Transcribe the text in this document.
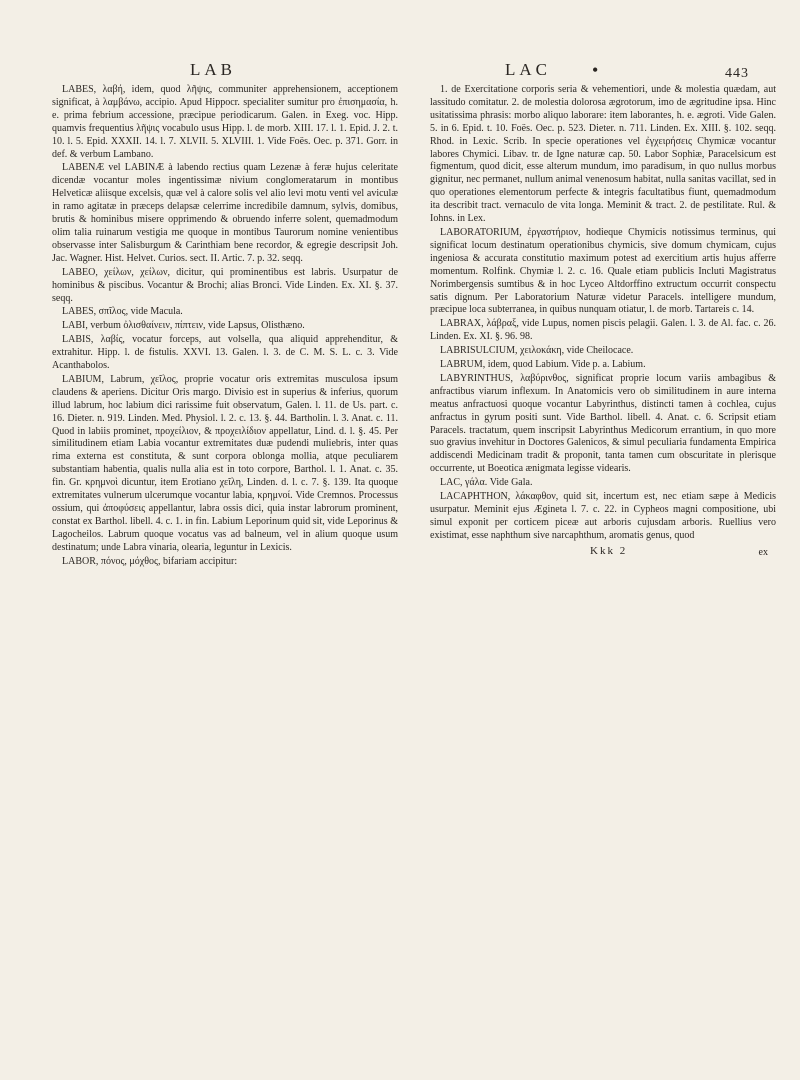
LAB	LAC •	443

LABES, λαβή, idem, quod λῆψις, communiter apprehensionem, acceptionem significat, à λαμβάνω, accipio. Apud Hippocr. specialiter sumitur pro ἐπισημασία, h. e. prima febrium accessione, præcipue periodicarum. Galen. in Exeg. voc. Hipp. quamvis frequentius λῆψις vocabulo usus Hipp. l. de morb. XIII. 17. l. 1. Epid. J. 2. t. 10. l. 5. Epid. XXXII. 14. l. 7. XLVII. 5. XLVIII. 1. Vide Foës. Oec. p. 371. Gorr. in def. & verbum Lambano.

LABENÆ vel LABINÆ à labendo rectius quam Lezenæ à feræ hujus celeritate dicendæ vocantur moles ingentissimæ nivium conglomeratarum in montibus Helveticæ aliisque excelsis, quæ vel à calore solis vel alio levi motu venti vel aviculæ in ramo agitatæ in præceps delapsæ celerrime incredibile damnum, sylvis, domibus, brutis & hominibus misere opprimendo & obruendo inferre solent, quemadmodum olim talia ruinarum vestigia me quoque in montibus Taurorum nomine venientibus observasse inter Salisburgum & Carinthiam bene recordor, & egregie descripsit Joh. Jac. Wagner. Hist. Helvet. Curios. sect. II. Artic. 7. p. 32. seqq.

LABEO, χείλων, χείλων, dicitur, qui prominentibus est labris. Usurpatur de hominibus & piscibus. Vocantur & Brochi; alias Bronci. Vide Linden. Ex. XI. §. 37. seqq.

LABES, σπῖλος, vide Macula.

LABI, verbum ὀλισθαίνειν, πίπτειν, vide Lapsus, Olisthæno.

LABIS, λαβίς, vocatur forceps, aut volsella, qua aliquid apprehenditur, & extrahitur. Hipp. l. de fistulis. XXVI. 13. Galen. l. 3. de C. M. S. L. c. 3. Vide Acanthabolos.

LABIUM, Labrum, χεῖλος, proprie vocatur oris extremitas musculosa ipsum claudens & aperiens. Dicitur Oris margo. Divisio est in superius & inferius, quorum illud labrum, hoc labium dici rarissime fuit observatum, Galen. l. 11. de Us. part. c. 16. Dieter. n. 919. Linden. Med. Physiol. l. 2. c. 13. §. 44. Bartholin. l. 3. Anat. c. 11. Quod in labiis prominet, προχείλιον, & προχειλίδιον appellatur, Lind. d. l. §. 45. Per similitudinem etiam Labia vocantur extremitates duæ pudendi muliebris, inter quas rima externa est constituta, & sunt corpora oblonga mollia, atque peculiarem substantiam habentia, qualis nulla alia est in toto corpore, Barthol. l. 1. Anat. c. 35. fin. Gr. κρημνοὶ dicuntur, item Erotiano χεῖλη, Linden. d. l. c. 7. §. 139. Ita quoque extremitates vulnerum ulcerumque vocantur labia, κρημνοί. Vide Cremnos. Processus ossium, qui ἀποφύσεις appellantur, labra ossis dici, quia instar labrorum prominent, constat ex Barthol. libell. 4. c. 1. in fin. Labium Leporinum quid sit, vide Leporinus & Lagocheilos. Labrum quoque vocatus vas ad balneum, vel in alium quoque usum destinatum; unde Labra vinaria, olearia, leguntur in Lexicis.

LABOR, πόνος, μόχθος, bifariam accipitur:

1. de Exercitatione corporis seria & vehementiori, unde & molestia quædam, aut lassitudo comitatur. 2. de molestia dolorosa ægrotorum, imo de ægritudine ipsa. Hinc usitatissima phrasis: morbo aliquo laborare: item laborantes, h. e. ægroti. Vide Galen. 5. in 6. Epid. t. 10. Foës. Oec. p. 523. Dieter. n. 711. Linden. Ex. XIII. §. 102. seqq. Rhod. in Lexic. Scrib. In specie operationes vel ἐγχειρήσεις Chymicæ vocantur labores Chymici. Libav. tr. de Igne naturæ cap. 50. Labor Sophiæ, Paracelsicum est figmentum, quod dicit, esse alterum mundum, imo paradisum, in quo nullus morbus gignitur, nec permanet, nullum animal venenosum habitat, nulla sanitas vacillat, sed in quo operationes elementorum perfecte & integris facultatibus fiunt, quemadmodum ita describit tract. vernaculo de vita longa. Meminit & tract. 2. de pestilitate. Rul. & Iohns. in Lex.

LABORATORIUM, ἐργαστήριον, hodieque Chymicis notissimus terminus, qui significat locum destinatum operationibus chymicis, sive domum chymicam, cujus ingeniosa & accurata constitutio maximum potest ad exercitium artis hujus afferre momentum. Rolfink. Chymiæ l. 2. c. 16. Quale etiam publicis Incluti Magistratus Norimbergensis sumtibus & in hoc Lyceo Altdorffino extructum occurrit conspectu satis dignum. Per Laboratorium Naturæ videtur Paracels. intelligere mundum, præcipue loca subterranea, in quibus nunquam otiatur, l. de morb. Tartareis c. 14.

LABRAX, λάβραξ, vide Lupus, nomen piscis pelagii. Galen. l. 3. de Al. fac. c. 26. Linden. Ex. XI. §. 96. 98.

LABRISULCIUM, χειλοκάκη, vide Cheilocace.

LABRUM, idem, quod Labium. Vide p. a. Labium.

LABYRINTHUS, λαβύρινθος, significat proprie locum variis ambagibus & anfractibus viarum inflexum. In Anatomicis vero ob similitudinem in aure interna meatus anfractuosi quoque vocantur Labyrinthus, distincti tamen à cochlea, cujus anfractus in gyrum positi sunt. Vide Barthol. libell. 4. Anat. c. 6. Scripsit etiam Paracels. tractatum, quem inscripsit Labyrinthus Medicorum errantium, in quo more suo gravius invehitur in Doctores Galenicos, & simul peculiaria fundamenta Empirica addiscendi Medicinam tradit & proponit, tanta tamen cum obscuritate in plerisque occurrente, ut Boeotica ænigmata legisse videaris.

LAC, γάλα. Vide Gala.

LACAPHTHON, λάκαφθον, quid sit, incertum est, nec etiam sæpe à Medicis usurpatur. Meminit ejus Ægineta l. 7. c. 22. in Cypheos magni compositione, ubi simul exponit per corticem piceæ aut arboris cujusdam arboris. Ruellius vero existimat, esse naphthum sive narcaphthum, aromatis genus, quod

Kkk 2	ex
